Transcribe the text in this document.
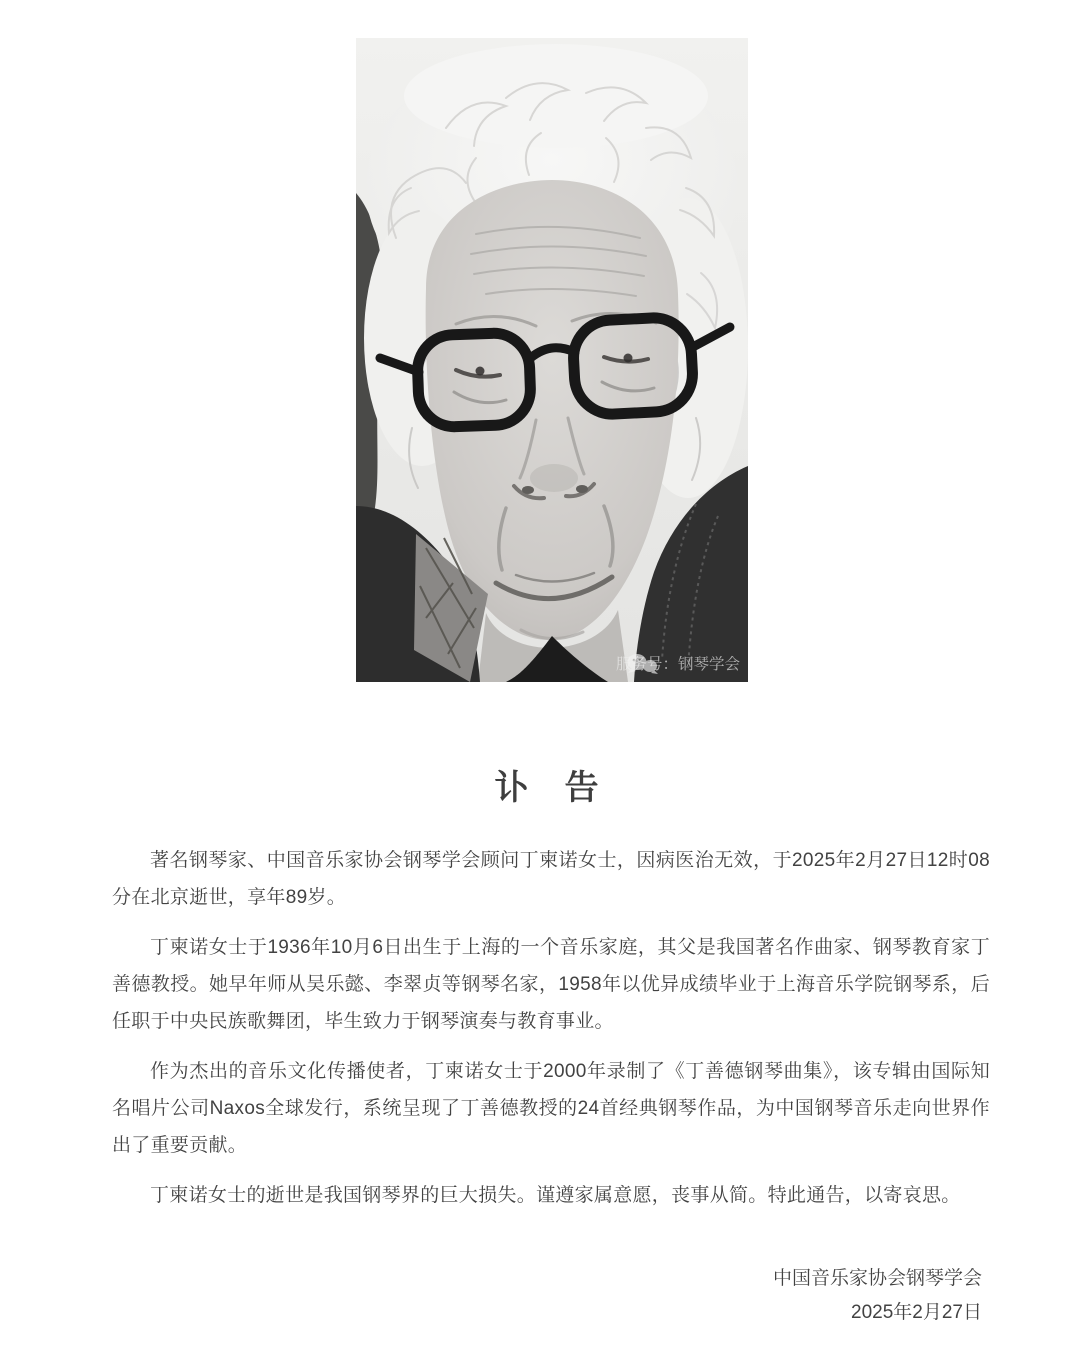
服务号：钢琴学会
讣　告

著名钢琴家、中国音乐家协会钢琴学会顾问丁柬诺女士，因病医治无效，于2025年2月27日12时08分在北京逝世，享年89岁。

丁柬诺女士于1936年10月6日出生于上海的一个音乐家庭，其父是我国著名作曲家、钢琴教育家丁善德教授。她早年师从吴乐懿、李翠贞等钢琴名家，1958年以优异成绩毕业于上海音乐学院钢琴系，后任职于中央民族歌舞团，毕生致力于钢琴演奏与教育事业。

作为杰出的音乐文化传播使者，丁柬诺女士于2000年录制了《丁善德钢琴曲集》，该专辑由国际知名唱片公司Naxos全球发行，系统呈现了丁善德教授的24首经典钢琴作品，为中国钢琴音乐走向世界作出了重要贡献。

丁柬诺女士的逝世是我国钢琴界的巨大损失。谨遵家属意愿，丧事从简。特此通告，以寄哀思。

中国音乐家协会钢琴学会
2025年2月27日
